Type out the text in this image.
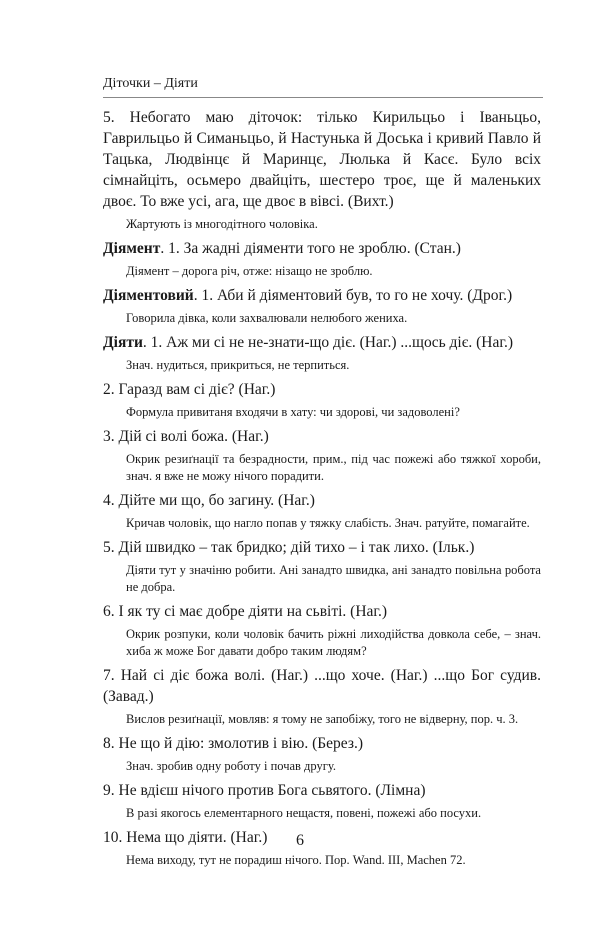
Діточки – Діяти

5. Небогато маю діточок: тілько Кирильцьо і Іваньцьо, Гаврильцьо й Симаньцьо, й Настунька й Доська і кривий Павло й Тацька, Людвінцє й Маринцє, Люлька й Касє. Було всіх сімнайціть, осьмеро двайціть, шестеро троє, ще й маленьких двоє. То вже усі, ага, ще двоє в вівсі. (Вихт.)

Жартують із многодітного чоловіка.

Діямент. 1. За жадні діяменти того не зроблю. (Стан.)

Діямент – дорога річ, отже: нізащо не зроблю.

Діяментовий. 1. Аби й діяментовий був, то го не хочу. (Дрог.)

Говорила дівка, коли захвалювали нелюбого жениха.

Діяти. 1. Аж ми сі не не-знати-що діє. (Наг.) ...щoсь діє. (Наг.)

Знач. нудиться, прикриться, не терпиться.

2. Гаразд вам сі діє? (Наг.)

Формула привитаня входячи в хату: чи здорові, чи задоволені?

3. Дій сі волі божа. (Наг.)

Окрик резиґнації та безрадности, прим., під час пожежі або тяжкої хороби, знач. я вже не можу нічого порадити.

4. Дійте ми що, бо загину. (Наг.)

Кричав чоловік, що нагло попав у тяжку слабість. Знач. ратуйте, помагайте.

5. Дій швидко – так бридко; дій тихо – і так лихо. (Ільк.)

Діяти тут у значіню робити. Ані занадто швидка, ані занадто повільна робота не добра.

6. І як ту сі має добре діяти на сьвіті. (Наг.)

Окрик розпуки, коли чоловік бачить ріжні лиходійства довкола себе, – знач. хиба ж може Бог давати добро таким людям?

7. Най сі діє божа волі. (Наг.) ...що хоче. (Наг.) ...що Бог судив. (Завад.)

Вислов резиґнації, мовляв: я тому не запобіжу, того не відверну, пор. ч. 3.

8. Не що й дію: змолотив і вію. (Берез.)

Знач. зробив одну роботу і почав другу.

9. Не вдієш нічого против Бога сьвятого. (Лімна)

В разі якогось елементарного нещастя, повені, пожежі або посухи.

10. Нема що діяти. (Наг.)

Нема виходу, тут не порадиш нічого. Пор. Wand. III, Machen 72.
6
